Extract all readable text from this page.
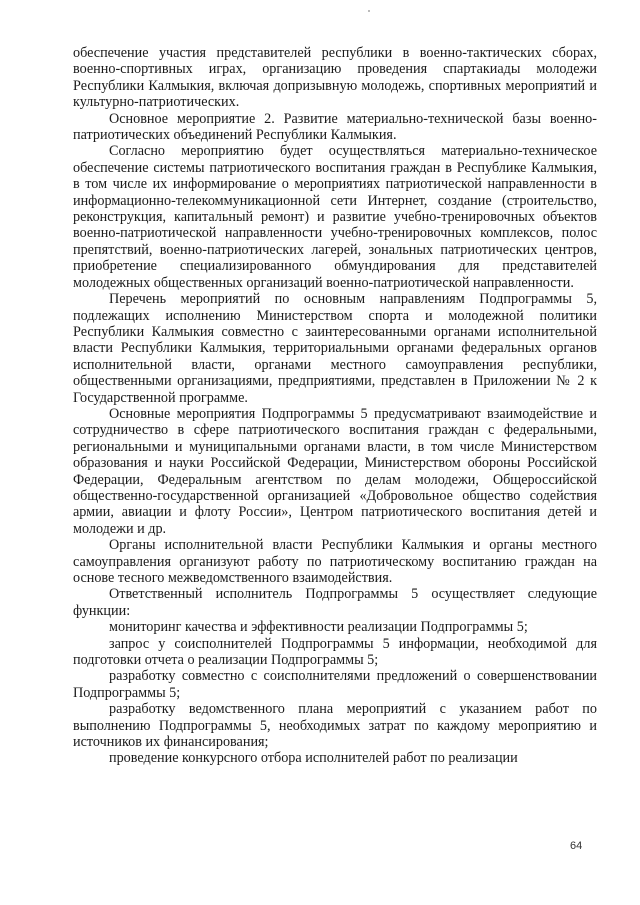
обеспечение участия представителей республики в военно-тактических сборах, военно-спортивных играх, организацию проведения спартакиады молодежи Республики Калмыкия, включая допризывную молодежь, спортивных мероприятий и культурно-патриотических.

Основное мероприятие 2. Развитие материально-технической базы военно-патриотических объединений Республики Калмыкия.

Согласно мероприятию будет осуществляться материально-техническое обеспечение системы патриотического воспитания граждан в Республике Калмыкия, в том числе их информирование о мероприятиях патриотической направленности в информационно-телекоммуникационной сети Интернет, создание (строительство, реконструкция, капитальный ремонт) и развитие учебно-тренировочных объектов военно-патриотической направленности учебно-тренировочных комплексов, полос препятствий, военно-патриотических лагерей, зональных патриотических центров, приобретение специализированного обмундирования для представителей молодежных общественных организаций военно-патриотической направленности.

Перечень мероприятий по основным направлениям Подпрограммы 5, подлежащих исполнению Министерством спорта и молодежной политики Республики Калмыкия совместно с заинтересованными органами исполнительной власти Республики Калмыкия, территориальными органами федеральных органов исполнительной власти, органами местного самоуправления республики, общественными организациями, предприятиями, представлен в Приложении № 2 к Государственной программе.

Основные мероприятия Подпрограммы 5 предусматривают взаимодействие и сотрудничество в сфере патриотического воспитания граждан с федеральными, региональными и муниципальными органами власти, в том числе Министерством образования и науки Российской Федерации, Министерством обороны Российской Федерации, Федеральным агентством по делам молодежи, Общероссийской общественно-государственной организацией «Добровольное общество содействия армии, авиации и флоту России», Центром патриотического воспитания детей и молодежи и др.

Органы исполнительной власти Республики Калмыкия и органы местного самоуправления организуют работу по патриотическому воспитанию граждан на основе тесного межведомственного взаимодействия.

Ответственный исполнитель Подпрограммы 5 осуществляет следующие функции:

мониторинг качества и эффективности реализации Подпрограммы 5;

запрос у соисполнителей Подпрограммы 5 информации, необходимой для подготовки отчета о реализации Подпрограммы 5;

разработку совместно с соисполнителями предложений о совершенствовании Подпрограммы 5;

разработку ведомственного плана мероприятий с указанием работ по выполнению Подпрограммы 5, необходимых затрат по каждому мероприятию и источников их финансирования;

проведение конкурсного отбора исполнителей работ по реализации

64
